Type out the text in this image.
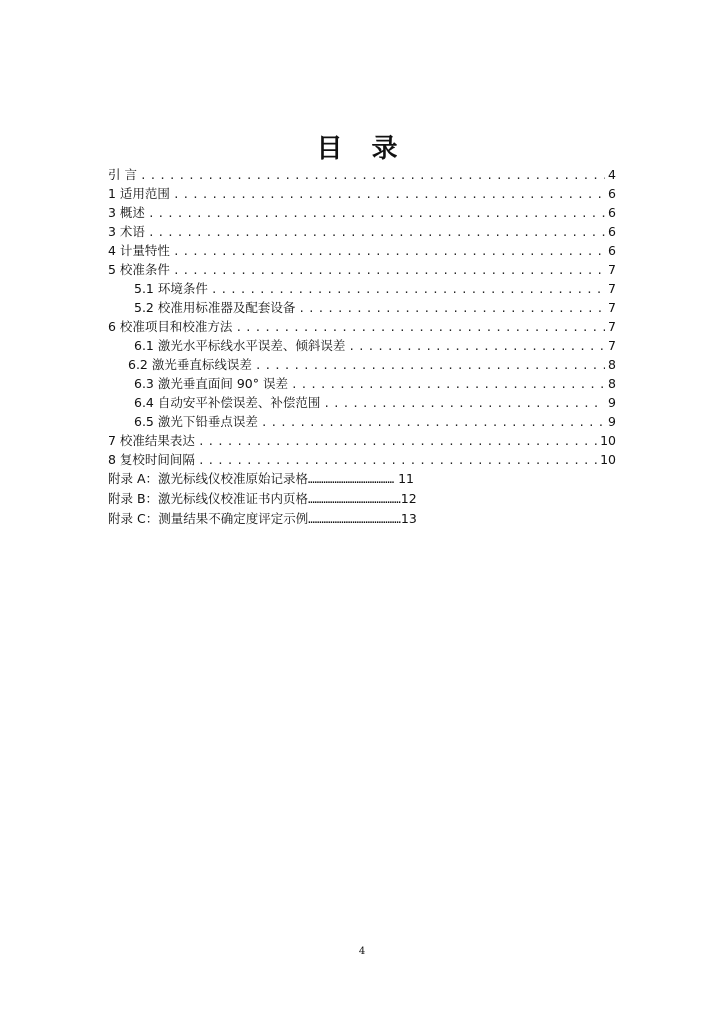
目 录
引 言 .....	4
1 适用范围 .....	6
3 概述 .....	6
3 术语 .....	6
4 计量特性 .....	6
5 校准条件 .....	7
5.1 环境条件 .....	7
5.2 校准用标准器及配套设备 .....	7
6 校准项目和校准方法 .....	7
6.1 激光水平标线水平误差、倾斜误差 .....	7
6.2 激光垂直标线误差 .....	8
6.3 激光垂直面间 90° 误差 .....	8
6.4 自动安平补偿误差、补偿范围 .....	9
6.5 激光下铅垂点误差 .....	9
7 校准结果表达 .....	10
8 复校时间间隔 .....	10
附录 A：激光标线仪校准原始记录格………………………………… 11
附录 B：激光标线仪校准证书内页格……………………………………12
附录 C：测量结果不确定度评定示例……………………………………13
4
